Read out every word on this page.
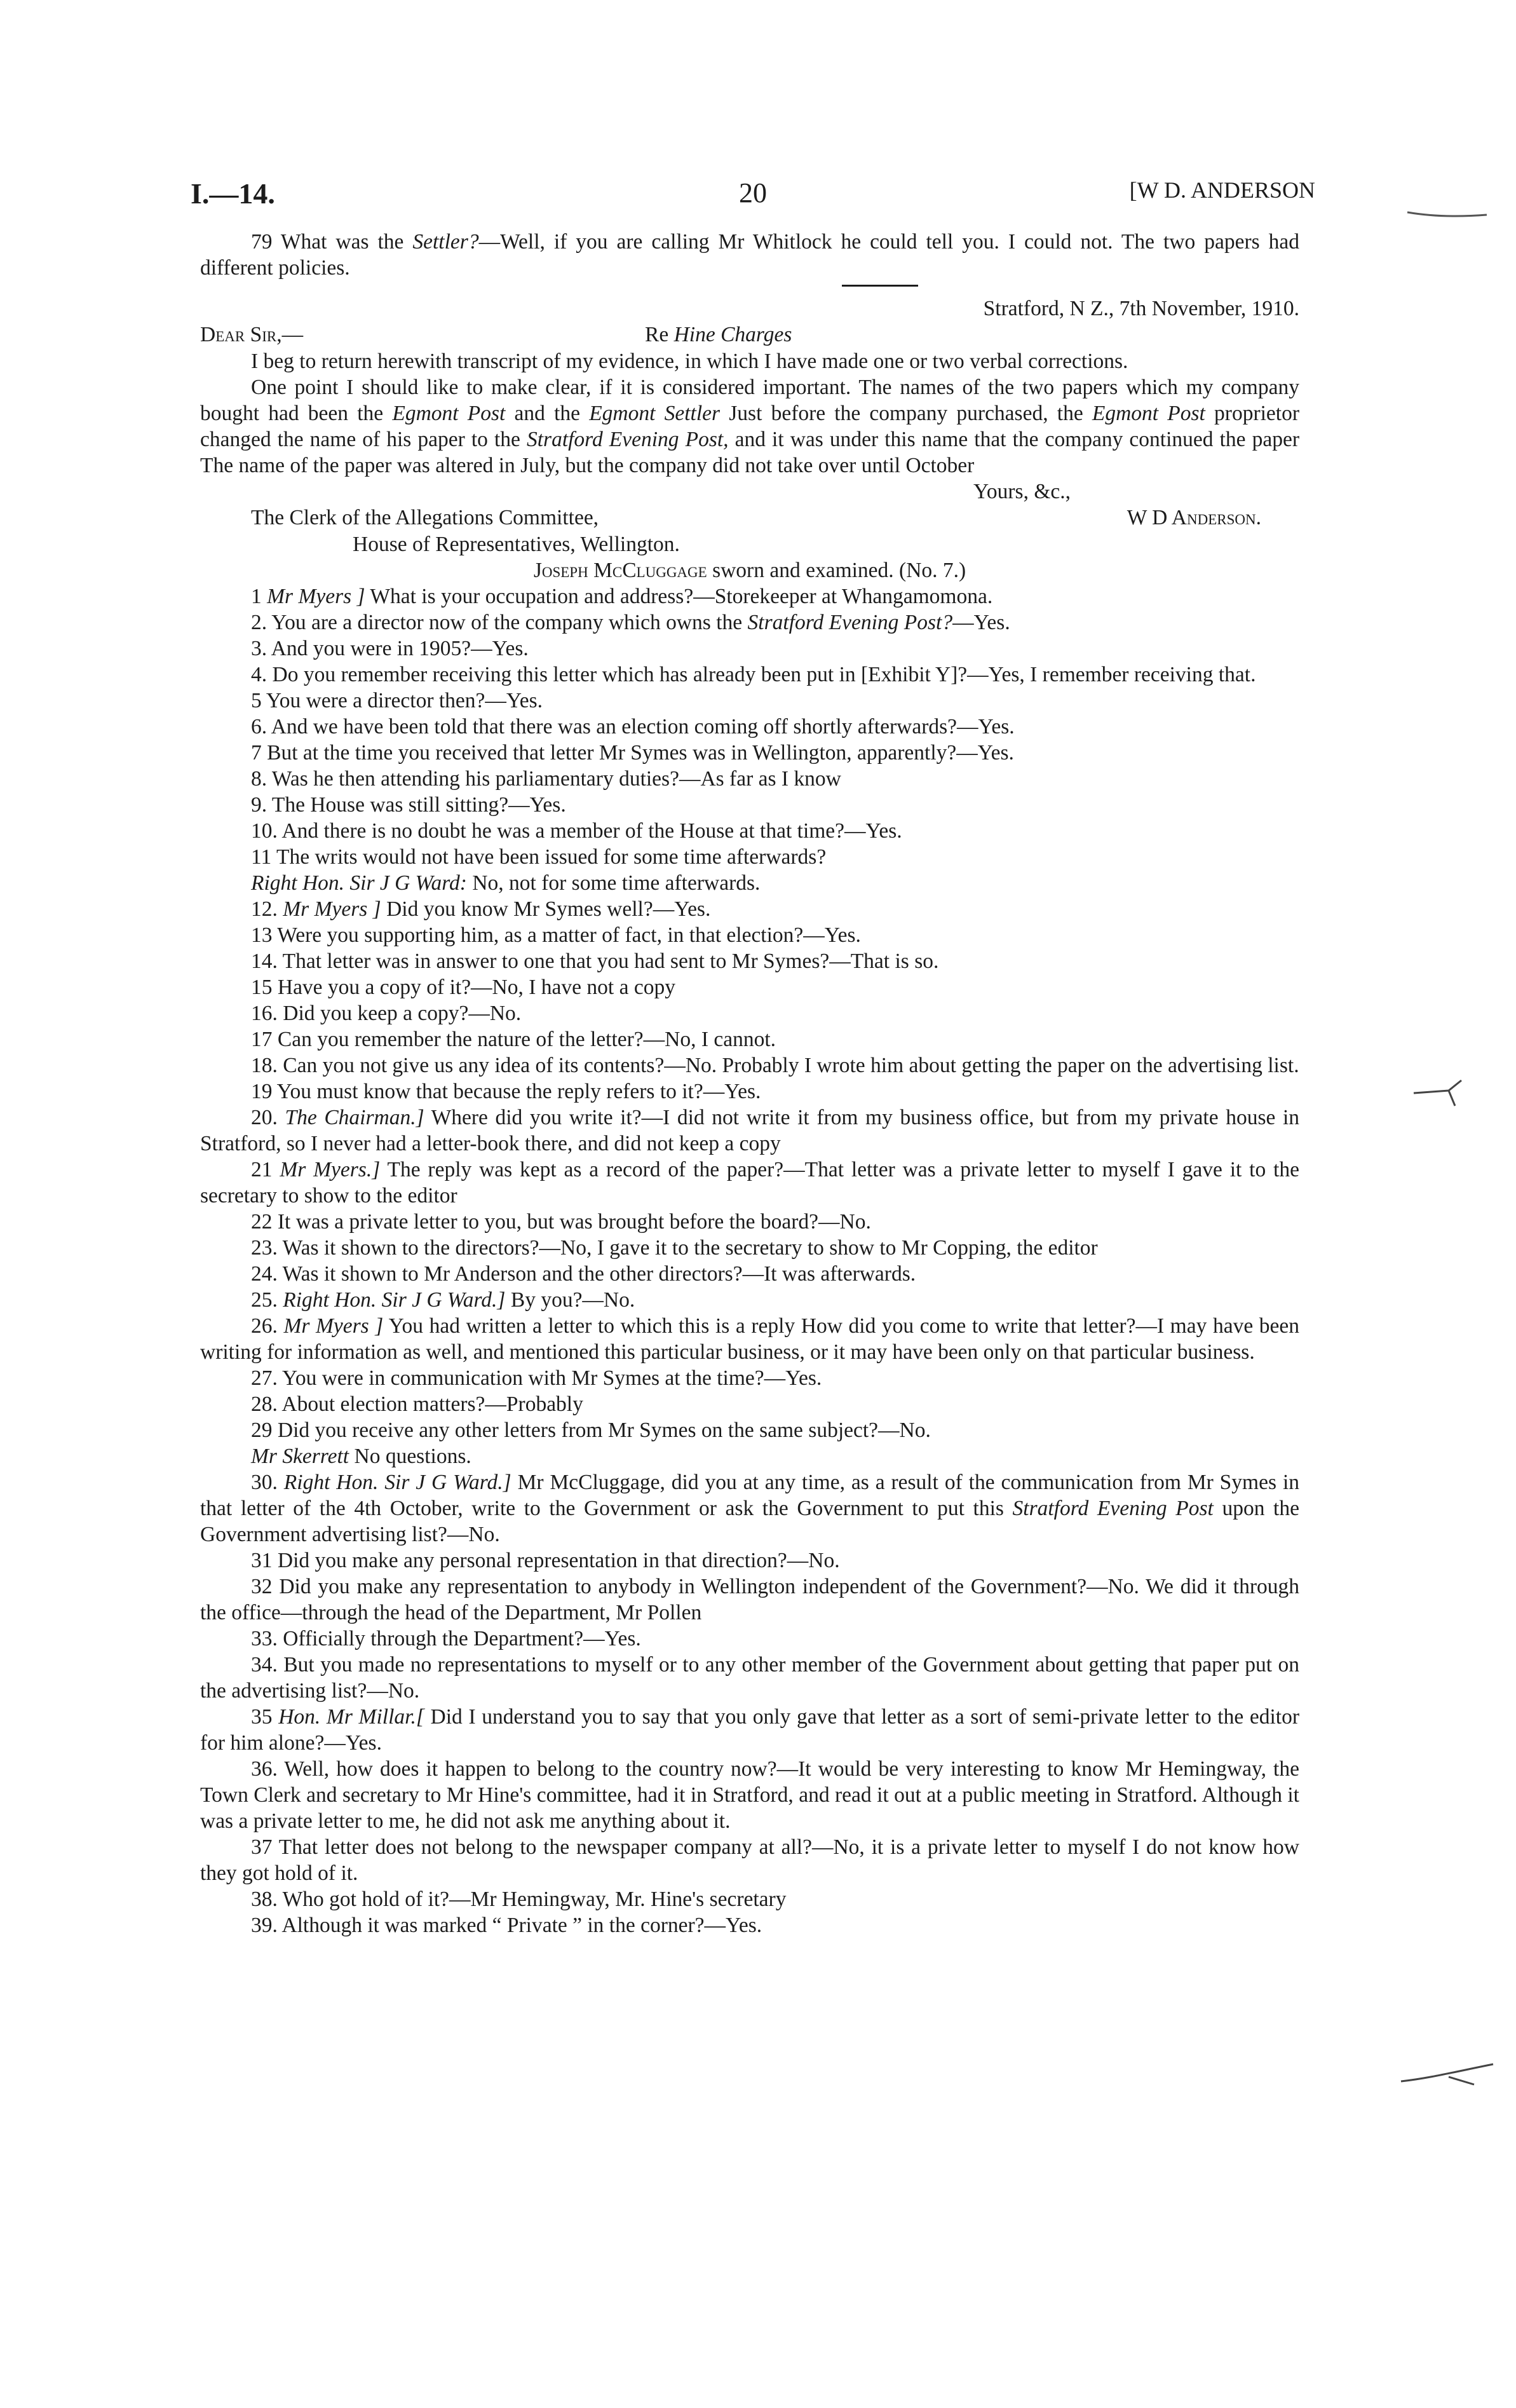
I.—14.	20	[W D. ANDERSON

79 What was the Settler?—Well, if you are calling Mr Whitlock he could tell you. I could not. The two papers had different policies.

Stratford, N Z., 7th November, 1910.

Dear Sir,—	Re Hine Charges

I beg to return herewith transcript of my evidence, in which I have made one or two verbal corrections.

One point I should like to make clear, if it is considered important. The names of the two papers which my company bought had been the Egmont Post and the Egmont Settler Just before the company purchased, the Egmont Post proprietor changed the name of his paper to the Stratford Evening Post, and it was under this name that the company continued the paper The name of the paper was altered in July, but the company did not take over until October

Yours, &c.,

The Clerk of the Allegations Committee,	W D Anderson.

House of Representatives, Wellington.

Joseph McCluggage sworn and examined. (No. 7.)

1 Mr Myers ] What is your occupation and address?—Storekeeper at Whangamomona.

2. You are a director now of the company which owns the Stratford Evening Post?—Yes.

3. And you were in 1905?—Yes.

4. Do you remember receiving this letter which has already been put in [Exhibit Y]?—Yes, I remember receiving that.

5 You were a director then?—Yes.

6. And we have been told that there was an election coming off shortly afterwards?—Yes.

7 But at the time you received that letter Mr Symes was in Wellington, apparently?—Yes.

8. Was he then attending his parliamentary duties?—As far as I know

9. The House was still sitting?—Yes.

10. And there is no doubt he was a member of the House at that time?—Yes.

11 The writs would not have been issued for some time afterwards?

Right Hon. Sir J G Ward: No, not for some time afterwards.

12. Mr Myers ] Did you know Mr Symes well?—Yes.

13 Were you supporting him, as a matter of fact, in that election?—Yes.

14. That letter was in answer to one that you had sent to Mr Symes?—That is so.

15 Have you a copy of it?—No, I have not a copy

16. Did you keep a copy?—No.

17 Can you remember the nature of the letter?—No, I cannot.

18. Can you not give us any idea of its contents?—No. Probably I wrote him about getting the paper on the advertising list.

19 You must know that because the reply refers to it?—Yes.

20. The Chairman.] Where did you write it?—I did not write it from my business office, but from my private house in Stratford, so I never had a letter-book there, and did not keep a copy

21 Mr Myers.] The reply was kept as a record of the paper?—That letter was a private letter to myself I gave it to the secretary to show to the editor

22 It was a private letter to you, but was brought before the board?—No.

23. Was it shown to the directors?—No, I gave it to the secretary to show to Mr Copping, the editor

24. Was it shown to Mr Anderson and the other directors?—It was afterwards.

25. Right Hon. Sir J G Ward.] By you?—No.

26. Mr Myers ] You had written a letter to which this is a reply How did you come to write that letter?—I may have been writing for information as well, and mentioned this particular business, or it may have been only on that particular business.

27. You were in communication with Mr Symes at the time?—Yes.

28. About election matters?—Probably

29 Did you receive any other letters from Mr Symes on the same subject?—No.

Mr Skerrett No questions.

30. Right Hon. Sir J G Ward.] Mr McCluggage, did you at any time, as a result of the communication from Mr Symes in that letter of the 4th October, write to the Government or ask the Government to put this Stratford Evening Post upon the Government advertising list?—No.

31 Did you make any personal representation in that direction?—No.

32 Did you make any representation to anybody in Wellington independent of the Government?—No. We did it through the office—through the head of the Department, Mr Pollen

33. Officially through the Department?—Yes.

34. But you made no representations to myself or to any other member of the Government about getting that paper put on the advertising list?—No.

35 Hon. Mr Millar.[ Did I understand you to say that you only gave that letter as a sort of semi-private letter to the editor for him alone?—Yes.

36. Well, how does it happen to belong to the country now?—It would be very interesting to know Mr Hemingway, the Town Clerk and secretary to Mr Hine's committee, had it in Stratford, and read it out at a public meeting in Stratford. Although it was a private letter to me, he did not ask me anything about it.

37 That letter does not belong to the newspaper company at all?—No, it is a private letter to myself I do not know how they got hold of it.

38. Who got hold of it?—Mr Hemingway, Mr. Hine's secretary

39. Although it was marked “ Private ” in the corner?—Yes.
